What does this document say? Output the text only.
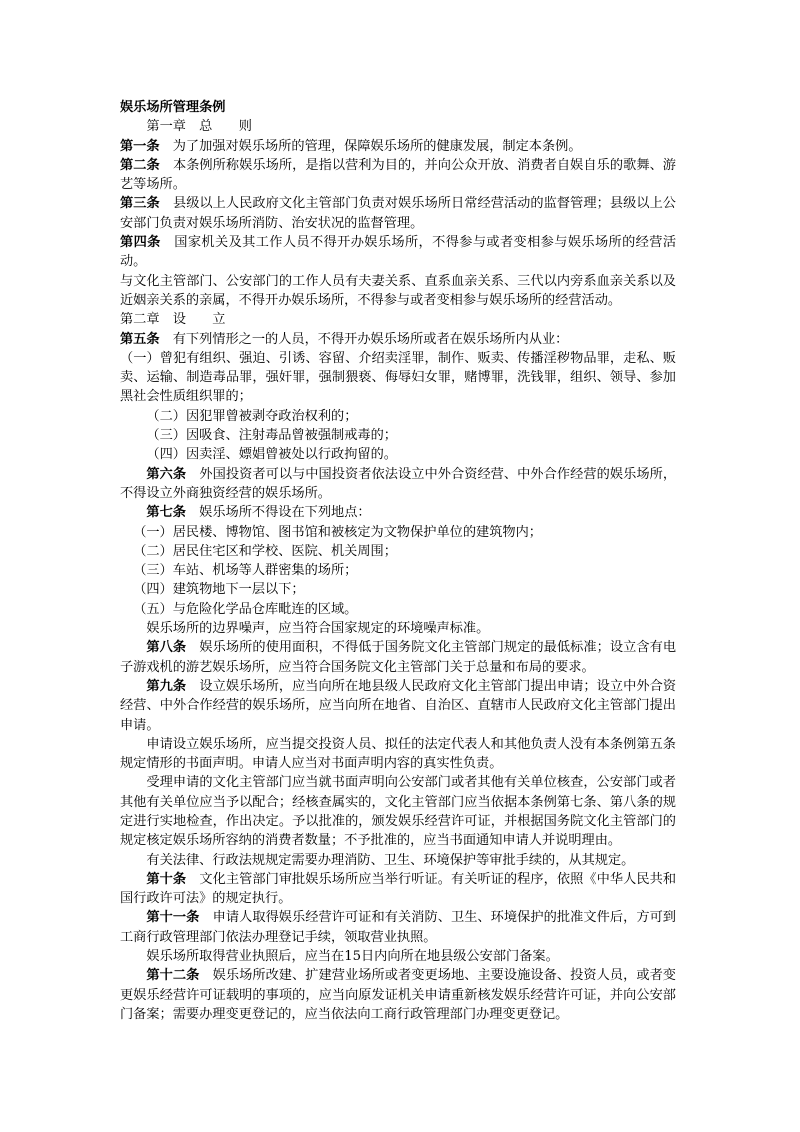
娱乐场所管理条例

第一章　总　　则

第一条　为了加强对娱乐场所的管理，保障娱乐场所的健康发展，制定本条例。

第二条　本条例所称娱乐场所，是指以营利为目的，并向公众开放、消费者自娱自乐的歌舞、游艺等场所。

第三条　县级以上人民政府文化主管部门负责对娱乐场所日常经营活动的监督管理；县级以上公安部门负责对娱乐场所消防、治安状况的监督管理。

第四条　国家机关及其工作人员不得开办娱乐场所，不得参与或者变相参与娱乐场所的经营活动。

与文化主管部门、公安部门的工作人员有夫妻关系、直系血亲关系、三代以内旁系血亲关系以及近姻亲关系的亲属，不得开办娱乐场所，不得参与或者变相参与娱乐场所的经营活动。

第二章　设　　立

第五条　有下列情形之一的人员，不得开办娱乐场所或者在娱乐场所内从业：

（一）曾犯有组织、强迫、引诱、容留、介绍卖淫罪，制作、贩卖、传播淫秽物品罪，走私、贩卖、运输、制造毒品罪，强奸罪，强制猥亵、侮辱妇女罪，赌博罪，洗钱罪，组织、领导、参加黑社会性质组织罪的；

（二）因犯罪曾被剥夺政治权利的；

（三）因吸食、注射毒品曾被强制戒毒的；

（四）因卖淫、嫖娼曾被处以行政拘留的。

第六条　外国投资者可以与中国投资者依法设立中外合资经营、中外合作经营的娱乐场所，不得设立外商独资经营的娱乐场所。

第七条　娱乐场所不得设在下列地点：

（一）居民楼、博物馆、图书馆和被核定为文物保护单位的建筑物内；

（二）居民住宅区和学校、医院、机关周围；

（三）车站、机场等人群密集的场所；

（四）建筑物地下一层以下；

（五）与危险化学品仓库毗连的区域。

娱乐场所的边界噪声，应当符合国家规定的环境噪声标准。

第八条　娱乐场所的使用面积，不得低于国务院文化主管部门规定的最低标准；设立含有电子游戏机的游艺娱乐场所，应当符合国务院文化主管部门关于总量和布局的要求。

第九条　设立娱乐场所，应当向所在地县级人民政府文化主管部门提出申请；设立中外合资经营、中外合作经营的娱乐场所，应当向所在地省、自治区、直辖市人民政府文化主管部门提出申请。

申请设立娱乐场所，应当提交投资人员、拟任的法定代表人和其他负责人没有本条例第五条规定情形的书面声明。申请人应当对书面声明内容的真实性负责。

受理申请的文化主管部门应当就书面声明向公安部门或者其他有关单位核查，公安部门或者其他有关单位应当予以配合；经核查属实的，文化主管部门应当依据本条例第七条、第八条的规定进行实地检查，作出决定。予以批准的，颁发娱乐经营许可证，并根据国务院文化主管部门的规定核定娱乐场所容纳的消费者数量；不予批准的，应当书面通知申请人并说明理由。

有关法律、行政法规规定需要办理消防、卫生、环境保护等审批手续的，从其规定。

第十条　文化主管部门审批娱乐场所应当举行听证。有关听证的程序，依照《中华人民共和国行政许可法》的规定执行。

第十一条　申请人取得娱乐经营许可证和有关消防、卫生、环境保护的批准文件后，方可到工商行政管理部门依法办理登记手续，领取营业执照。

娱乐场所取得营业执照后，应当在15日内向所在地县级公安部门备案。

第十二条　娱乐场所改建、扩建营业场所或者变更场地、主要设施设备、投资人员，或者变更娱乐经营许可证载明的事项的，应当向原发证机关申请重新核发娱乐经营许可证，并向公安部门备案；需要办理变更登记的，应当依法向工商行政管理部门办理变更登记。
